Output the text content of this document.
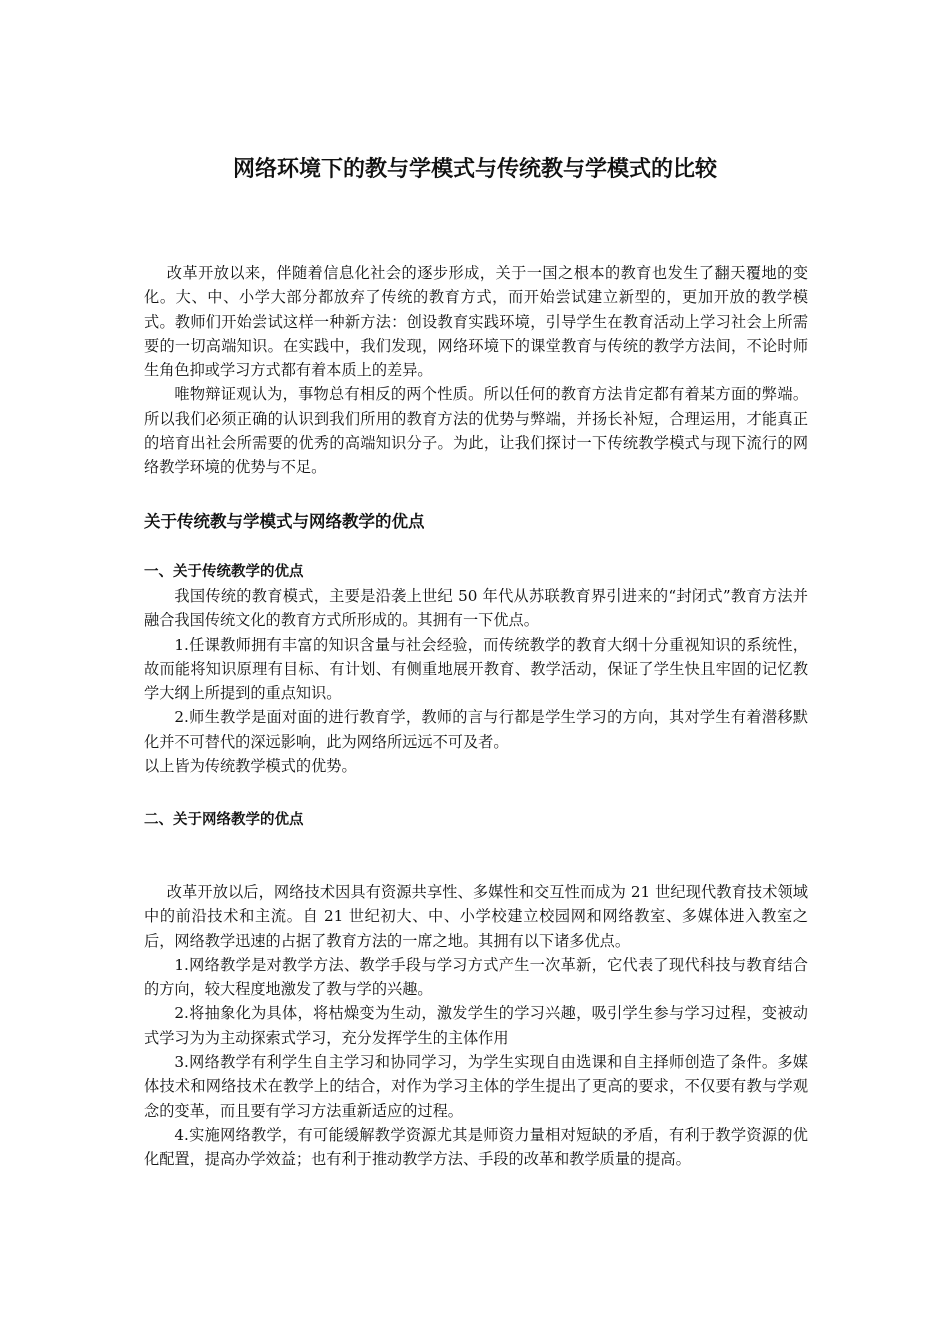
网络环境下的教与学模式与传统教与学模式的比较

改革开放以来，伴随着信息化社会的逐步形成，关于一国之根本的教育也发生了翻天覆地的变化。大、中、小学大部分都放弃了传统的教育方式，而开始尝试建立新型的，更加开放的教学模式。教师们开始尝试这样一种新方法：创设教育实践环境，引导学生在教育活动上学习社会上所需要的一切高端知识。在实践中，我们发现，网络环境下的课堂教育与传统的教学方法间，不论时师生角色抑或学习方式都有着本质上的差异。

唯物辩证观认为，事物总有相反的两个性质。所以任何的教育方法肯定都有着某方面的弊端。所以我们必须正确的认识到我们所用的教育方法的优势与弊端，并扬长补短，合理运用，才能真正的培育出社会所需要的优秀的高端知识分子。为此，让我们探讨一下传统教学模式与现下流行的网络教学环境的优势与不足。

关于传统教与学模式与网络教学的优点
一、关于传统教学的优点

我国传统的教育模式，主要是沿袭上世纪 50 年代从苏联教育界引进来的“封闭式”教育方法并融合我国传统文化的教育方式所形成的。其拥有一下优点。

1.任课教师拥有丰富的知识含量与社会经验，而传统教学的教育大纲十分重视知识的系统性，故而能将知识原理有目标、有计划、有侧重地展开教育、教学活动，保证了学生快且牢固的记忆教学大纲上所提到的重点知识。

2.师生教学是面对面的进行教育学，教师的言与行都是学生学习的方向，其对学生有着潜移默化并不可替代的深远影响，此为网络所远远不可及者。

以上皆为传统教学模式的优势。

二、关于网络教学的优点

改革开放以后，网络技术因具有资源共享性、多媒性和交互性而成为 21 世纪现代教育技术领域中的前沿技术和主流。自 21 世纪初大、中、小学校建立校园网和网络教室、多媒体进入教室之后，网络教学迅速的占据了教育方法的一席之地。其拥有以下诸多优点。

1.网络教学是对教学方法、教学手段与学习方式产生一次革新，它代表了现代科技与教育结合的方向，较大程度地激发了教与学的兴趣。

2.将抽象化为具体，将枯燥变为生动，激发学生的学习兴趣，吸引学生参与学习过程，变被动式学习为为主动探索式学习，充分发挥学生的主体作用

3.网络教学有利学生自主学习和协同学习，为学生实现自由选课和自主择师创造了条件。多媒体技术和网络技术在教学上的结合，对作为学习主体的学生提出了更高的要求，不仅要有教与学观念的变革，而且要有学习方法重新适应的过程。

4.实施网络教学，有可能缓解教学资源尤其是师资力量相对短缺的矛盾，有利于教学资源的优化配置，提高办学效益；也有利于推动教学方法、手段的改革和教学质量的提高。
